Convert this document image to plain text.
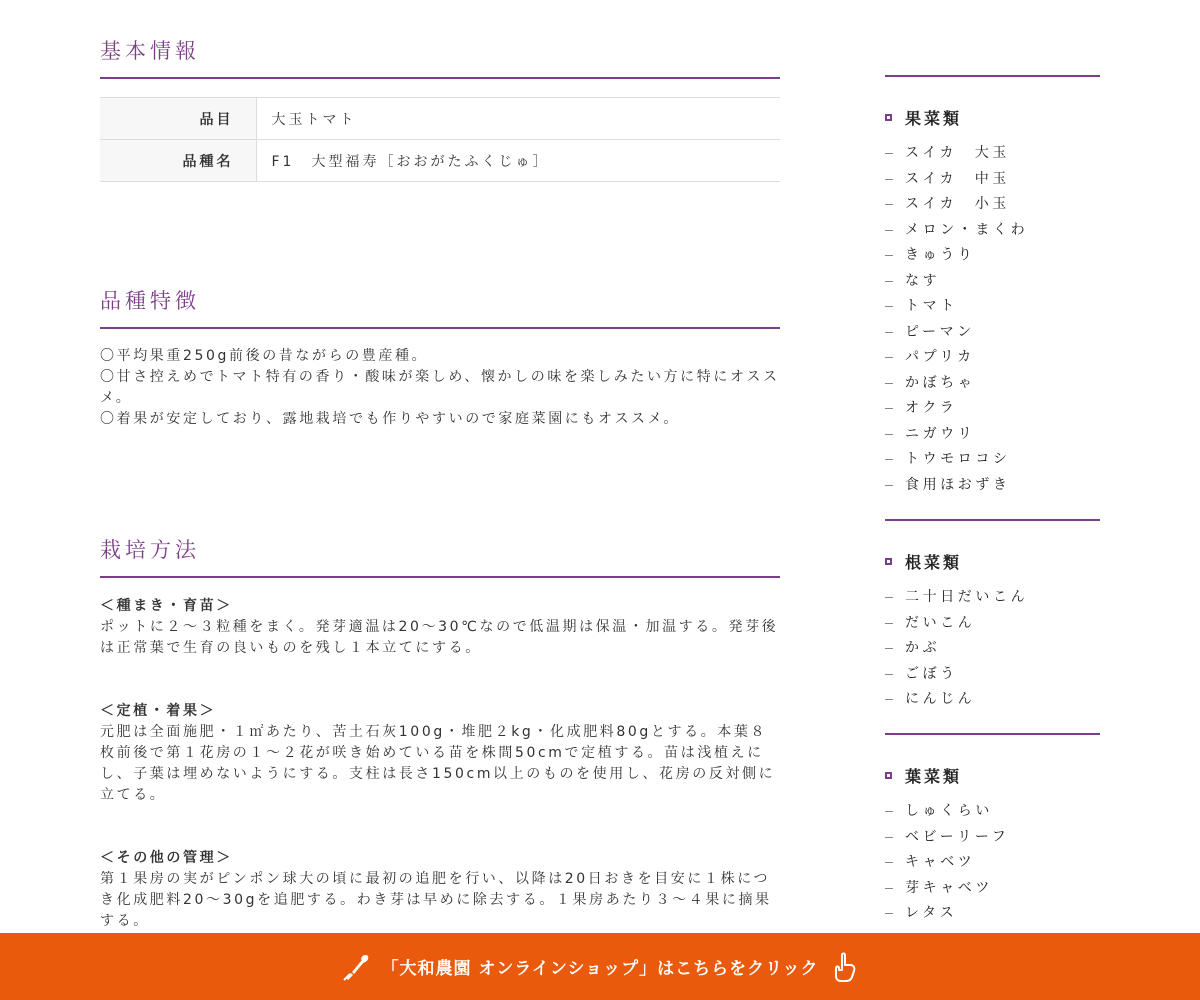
基本情報
品目	大玉トマト
品種名	F1　大型福寿［おおがたふくじゅ］
品種特徴

〇平均果重250g前後の昔ながらの豊産種。

〇甘さ控えめでトマト特有の香り・酸味が楽しめ、懐かしの味を楽しみたい方に特にオススメ。

〇着果が安定しており、露地栽培でも作りやすいので家庭菜園にもオススメ。

栽培方法

＜種まき・育苗＞

ポットに２～３粒種をまく。発芽適温は20～30℃なので低温期は保温・加温する。発芽後は正常葉で生育の良いものを残し１本立てにする。

＜定植・着果＞

元肥は全面施肥・１㎡あたり、苦土石灰100g・堆肥２kg・化成肥料80gとする。本葉８枚前後で第１花房の１～２花が咲き始めている苗を株間50cmで定植する。苗は浅植えにし、子葉は埋めないようにする。支柱は長さ150cm以上のものを使用し、花房の反対側に立てる。

＜その他の管理＞

第１果房の実がピンポン球大の頃に最初の追肥を行い、以降は20日おきを目安に１株につき化成肥料20～30gを追肥する。わき芽は早めに除去する。１果房あたり３～４果に摘果する。

果菜類
スイカ　大玉
スイカ　中玉
スイカ　小玉
メロン・まくわ
きゅうり
なす
トマト
ピーマン
パプリカ
かぼちゃ
オクラ
ニガウリ
トウモロコシ
食用ほおずき
根菜類
二十日だいこん
だいこん
かぶ
ごぼう
にんじん
葉菜類
しゅくらい
ベビーリーフ
キャベツ
芽キャベツ
レタス
「大和農園 オンラインショップ」はこちらをクリック
